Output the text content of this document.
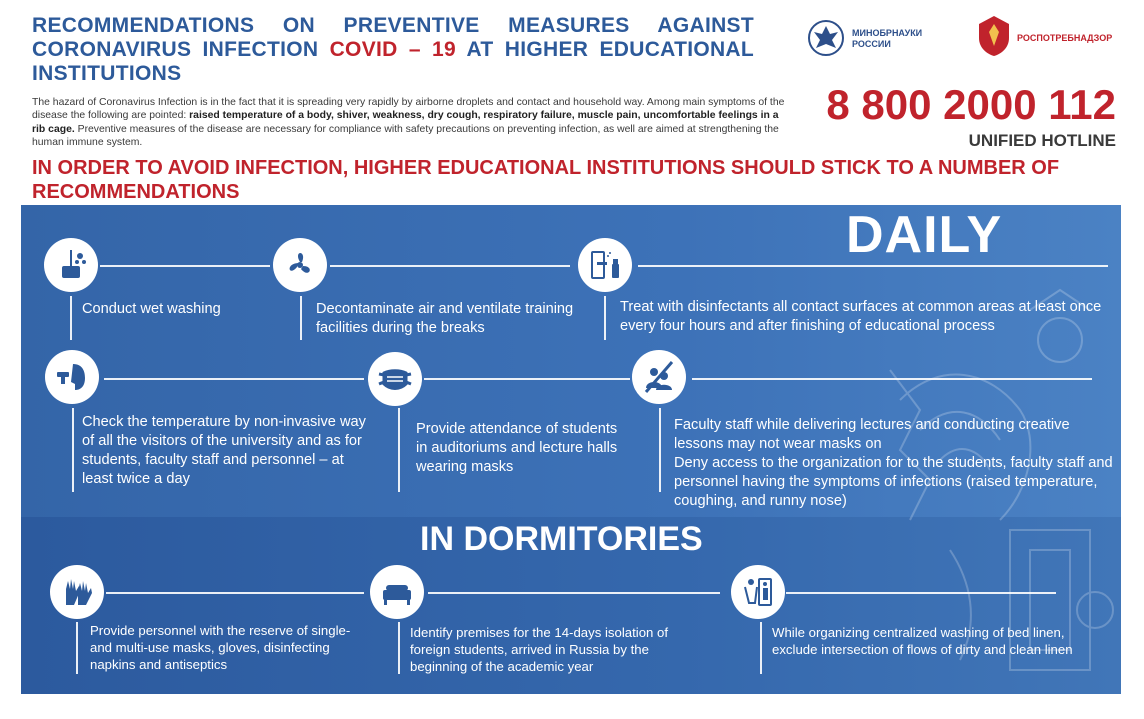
RECOMMENDATIONS ON PREVENTIVE MEASURES AGAINST CORONAVIRUS INFECTION COVID – 19 AT HIGHER EDUCATIONAL INSTITUTIONS
The hazard of Coronavirus Infection is in the fact that it is spreading very rapidly by airborne droplets and contact and household way. Among main symptoms of the disease the following are pointed: raised temperature of a body, shiver, weakness, dry cough, respiratory failure, muscle pain, uncomfortable feelings in a rib cage. Preventive measures of the disease are necessary for compliance with safety precautions on preventing infection, as well are aimed at strengthening the human immune system.
МИНОБРНАУКИ
РОССИИ
РОСПОТРЕБНАДЗОР
8 800 2000 112
UNIFIED HOTLINE
IN ORDER TO AVOID INFECTION, HIGHER EDUCATIONAL INSTITUTIONS SHOULD STICK TO A NUMBER OF RECOMMENDATIONS
DAILY
IN DORMITORIES
Conduct wet washing	Decontaminate air and ventilate training facilities during the breaks
Treat with disinfectants all contact surfaces at common areas at least once every four hours and after finishing of educational process
Check the temperature by non-invasive way of all the visitors of the university and as for students, faculty staff and personnel – at least twice a day
Provide attendance of students in auditoriums and lecture halls wearing masks
Faculty staff while delivering lectures and conducting creative lessons may not wear masks on
Deny access to the organization for to the students, faculty staff and personnel having the symptoms of infections (raised temperature, coughing, and runny nose)
Provide personnel with the reserve of single-and multi-use masks, gloves, disinfecting napkins and antiseptics
Identify premises for the 14-days isolation of foreign students, arrived in Russia by the beginning of the academic year
While organizing centralized washing of bed linen, exclude intersection of flows of dirty and clean linen
